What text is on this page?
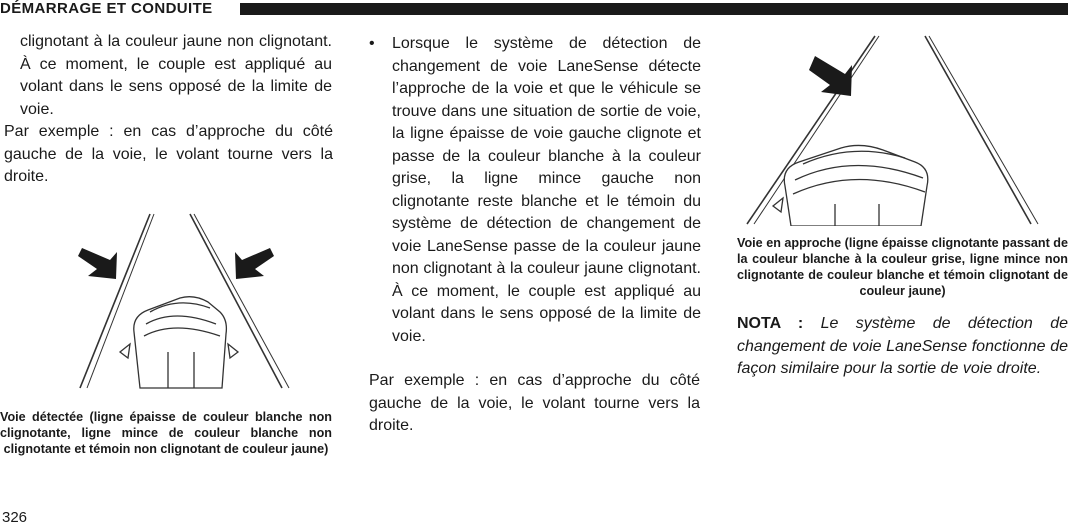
DÉMARRAGE ET CONDUITE

clignotant à la couleur jaune non clignotant. À ce moment, le couple est appliqué au volant dans le sens opposé de la limite de voie.

Par exemple : en cas d’approche du côté gauche de la voie, le volant tourne vers la droite.

Voie détectée (ligne épaisse de couleur blanche non clignotante, ligne mince de couleur blanche non clignotante et témoin non clignotant de couleur jaune)
• Lorsque le système de détection de changement de voie LaneSense détecte l’approche de la voie et que le véhicule se trouve dans une situation de sortie de voie, la ligne épaisse de voie gauche clignote et passe de la couleur blanche à la couleur grise, la ligne mince gauche non clignotante reste blanche et le témoin du système de détection de changement de voie LaneSense passe de la couleur jaune non clignotant à la couleur jaune clignotant. À ce moment, le couple est appliqué au volant dans le sens opposé de la limite de voie.

Par exemple : en cas d’approche du côté gauche de la voie, le volant tourne vers la droite.

Voie en approche (ligne épaisse clignotante passant de la couleur blanche à la couleur grise, ligne mince non clignotante de couleur blanche et témoin clignotant de couleur jaune)
NOTA : Le système de détection de changement de voie LaneSense fonctionne de façon similaire pour la sortie de voie droite.
326
